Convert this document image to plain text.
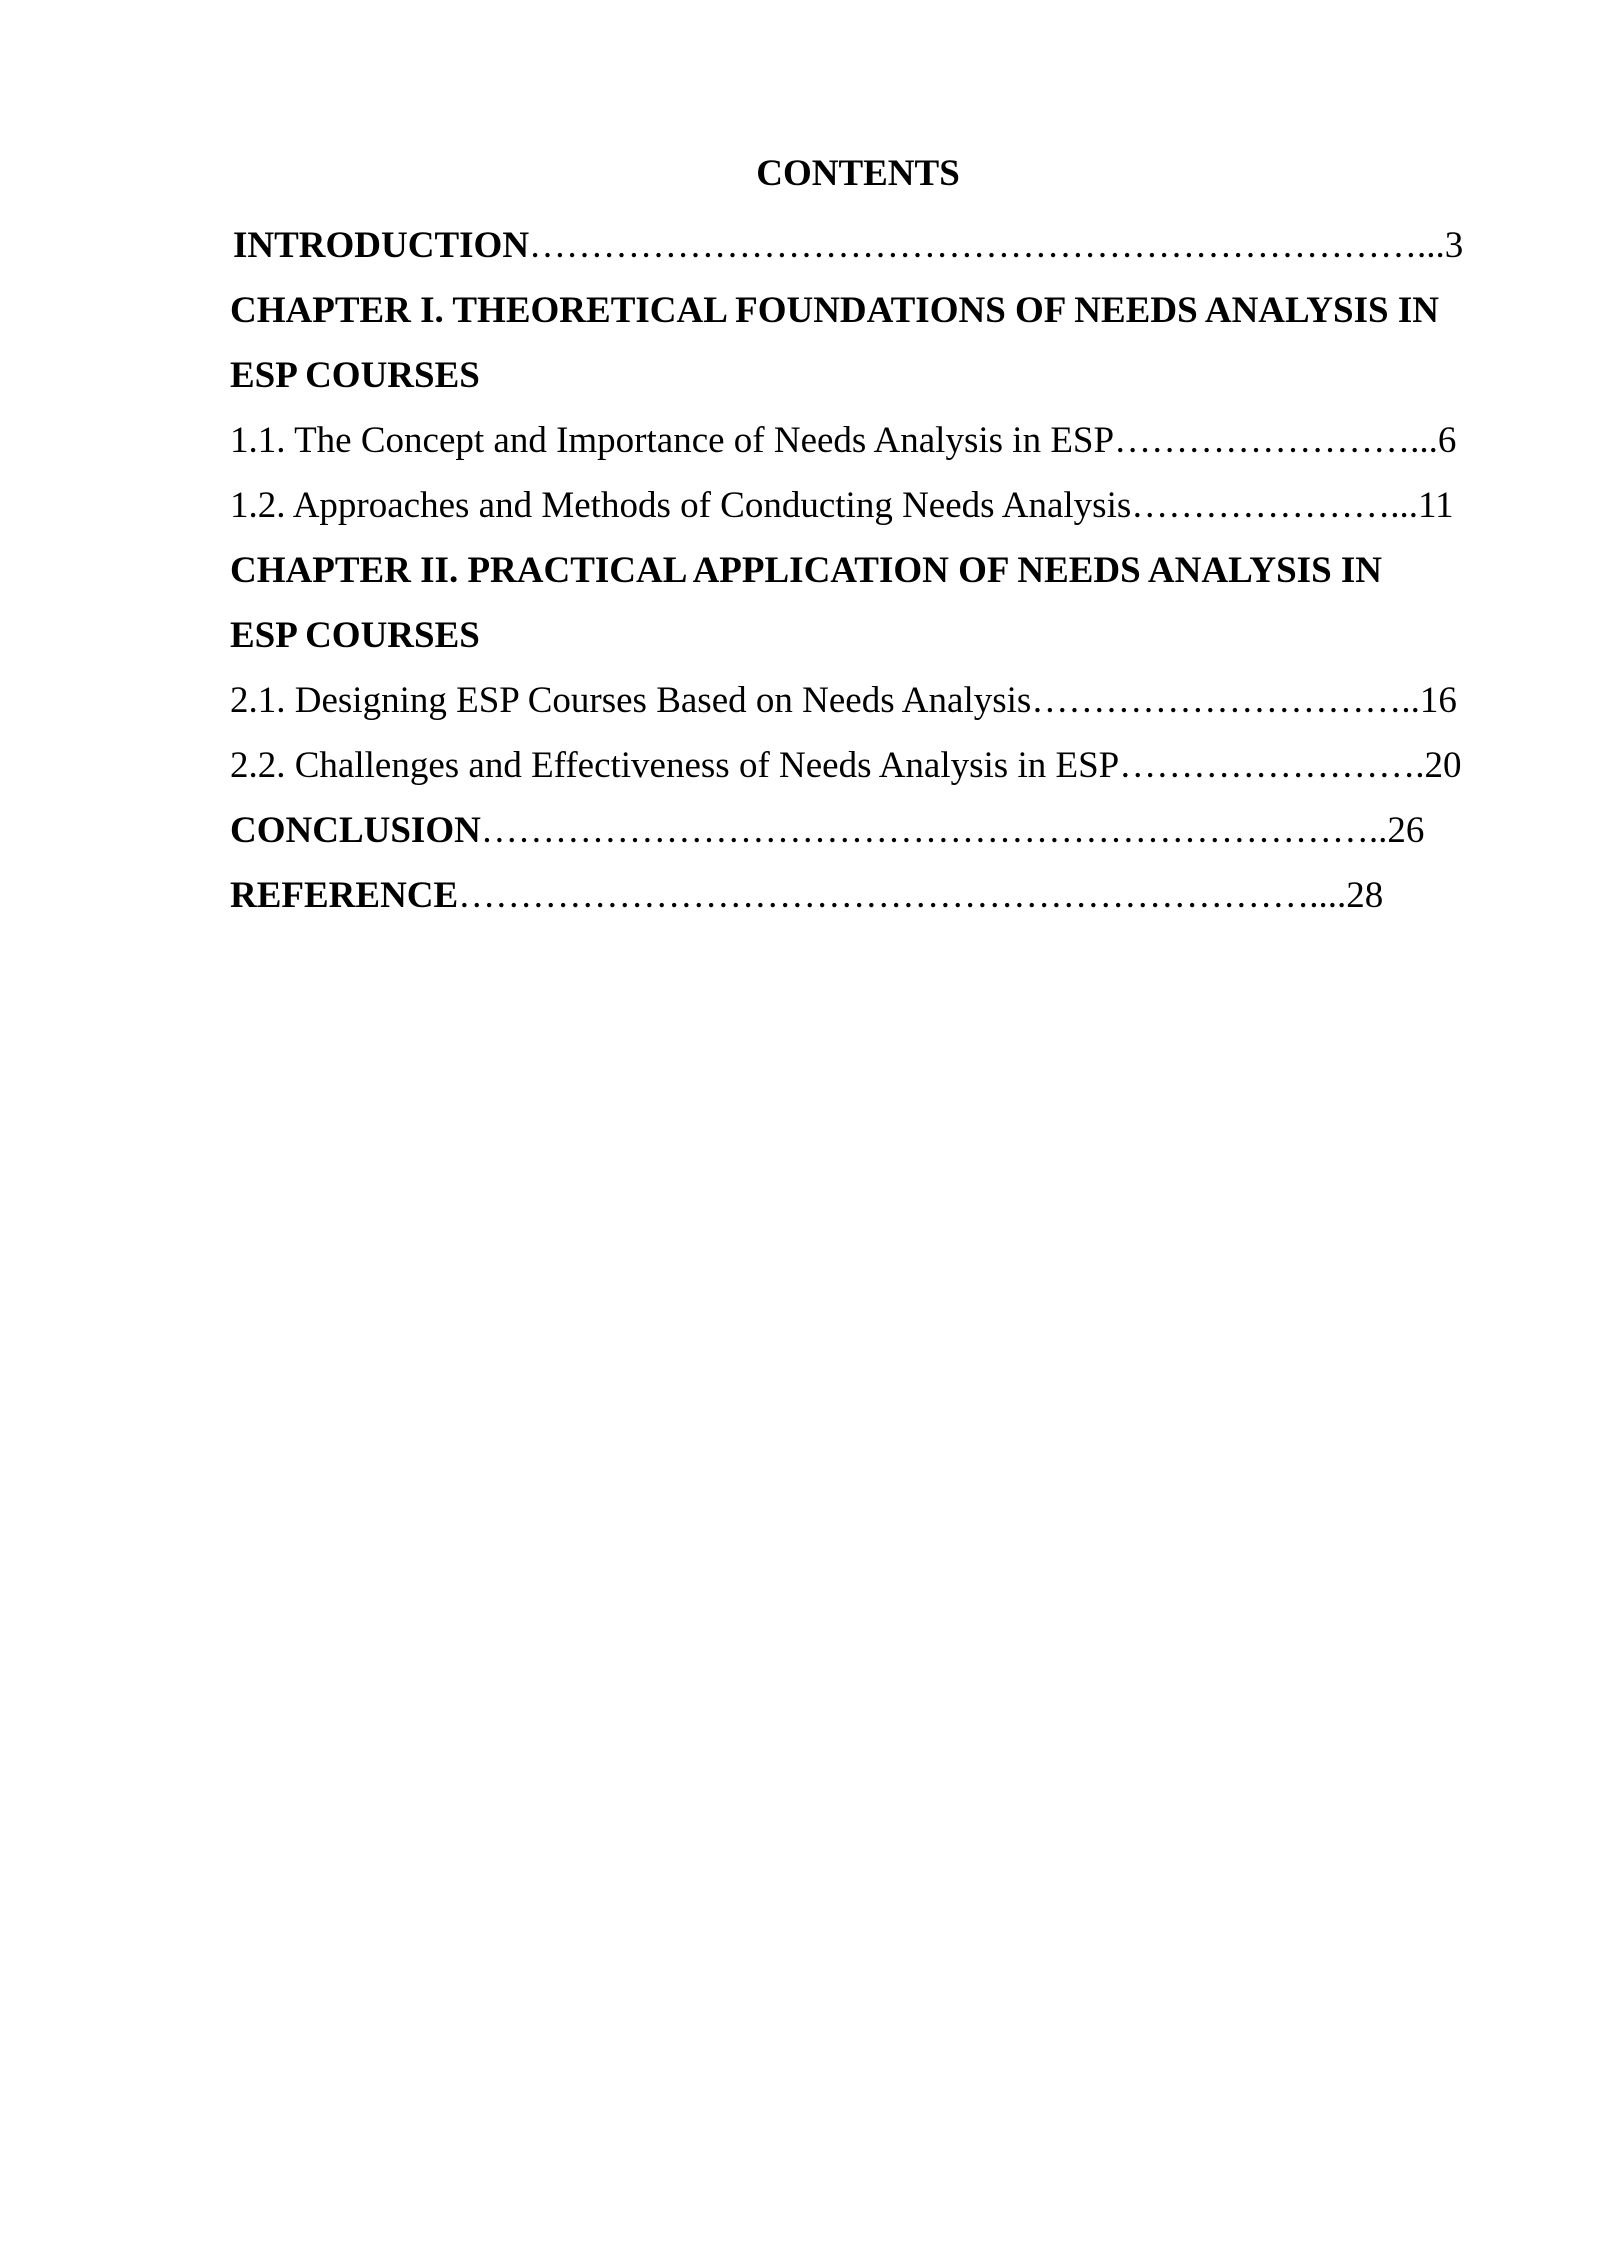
CONTENTS
INTRODUCTION………………………………………………………………...3
CHAPTER I. THEORETICAL FOUNDATIONS OF NEEDS ANALYSIS IN
ESP COURSES
1.1. The Concept and Importance of Needs Analysis in ESP……………………...6
1.2. Approaches and Methods of Conducting Needs Analysis…………………...11
CHAPTER II. PRACTICAL APPLICATION OF NEEDS ANALYSIS IN
ESP COURSES
2.1. Designing ESP Courses Based on Needs Analysis…………………………..16
2.2. Challenges and Effectiveness of Needs Analysis in ESP…………………….20
CONCLUSION………………………………………………………………..26
REFERENCE……………………………………………………………....28
